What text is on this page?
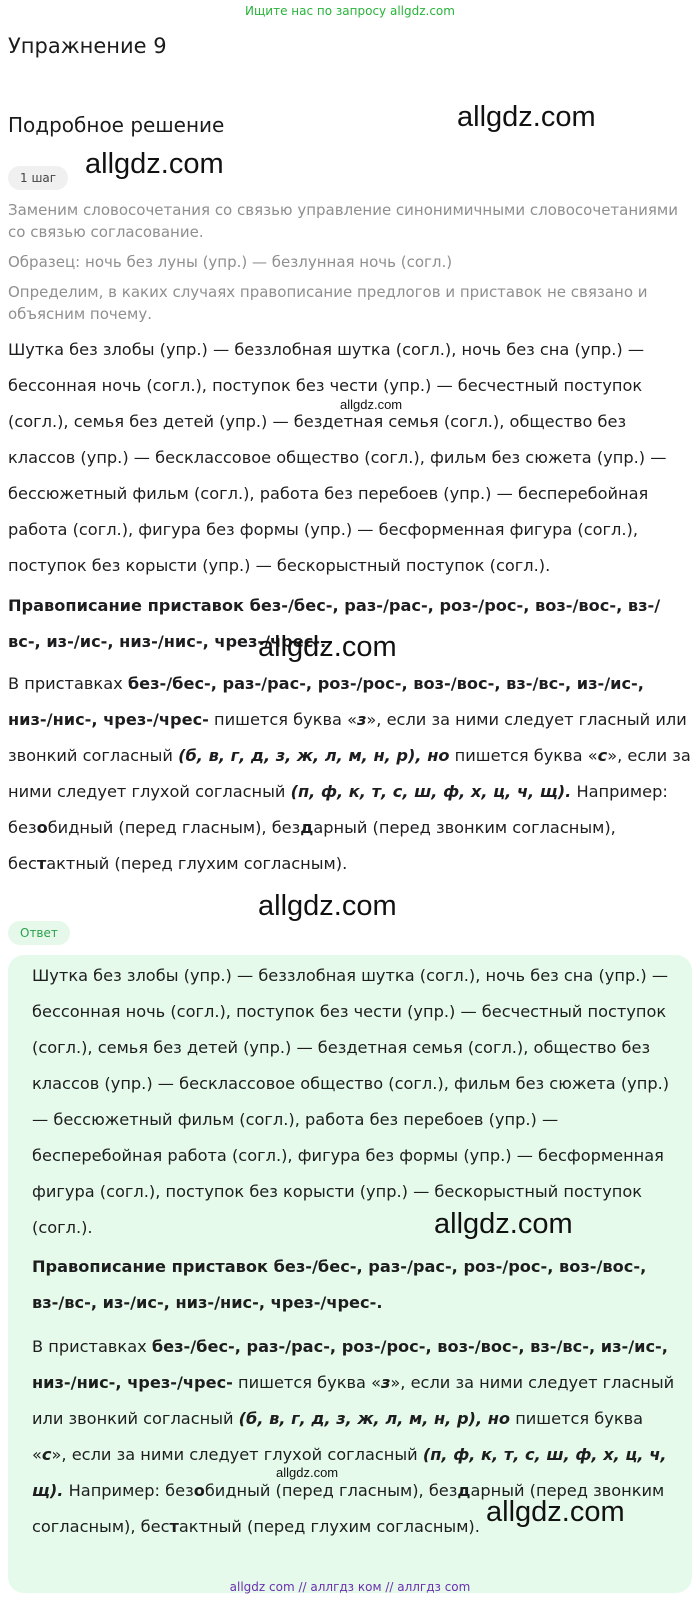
Ищите нас по запросу allgdz.com
Упражнение 9
Подробное решение	allgdz.com
1 шаг allgdz.com
Заменим словосочетания со связью управление синонимичными словосочетаниями со связью согласование.
Образец: ночь без луны (упр.) — безлунная ночь (согл.)
Определим, в каких случаях правописание предлогов и приставок не связано и объясним почему.
Шутка без злобы (упр.) — беззлобная шутка (согл.), ночь без сна (упр.) — бессонная ночь (согл.), поступок без чести (упр.) — бесчестный поступок (согл.), семья без детей (упр.) — бездетная семья (согл.), общество без классов (упр.) — бесклассовое общество (согл.), фильм без сюжета (упр.) — бессюжетный фильм (согл.), работа без перебоев (упр.) — бесперебойная работа (согл.), фигура без формы (упр.) — бесформенная фигура (согл.), поступок без корысти (упр.) — бескорыстный поступок (согл.).
allgdz.com
Правописание приставок без-/бес-, раз-/рас-, роз-/рос-, воз-/вос-, вз-/вс-, из-/ис-, низ-/нис-, чрез-/чрес-.
allgdz.com
В приставках без-/бес-, раз-/рас-, роз-/рос-, воз-/вос-, вз-/вс-, из-/ис-, низ-/нис-, чрез-/чрес- пишется буква «з», если за ними следует гласный или звонкий согласный (б, в, г, д, з, ж, л, м, н, р), но пишется буква «с», если за ними следует глухой согласный (п, ф, к, т, с, ш, ф, х, ц, ч, щ). Например: безобидный (перед гласным), бездарный (перед звонким согласным), бестактный (перед глухим согласным).
Ответ
allgdz.com
Шутка без злобы (упр.) — беззлобная шутка (согл.), ночь без сна (упр.) — бессонная ночь (согл.), поступок без чести (упр.) — бесчестный поступок (согл.), семья без детей (упр.) — бездетная семья (согл.), общество без классов (упр.) — бесклассовое общество (согл.), фильм без сюжета (упр.) — бессюжетный фильм (согл.), работа без перебоев (упр.) — бесперебойная работа (согл.), фигура без формы (упр.) — бесформенная фигура (согл.), поступок без корысти (упр.) — бескорыстный поступок (согл.).	allgdz.com
Правописание приставок без-/бес-, раз-/рас-, роз-/рос-, воз-/вос-, вз-/вс-, из-/ис-, низ-/нис-, чрез-/чрес-.
В приставках без-/бес-, раз-/рас-, роз-/рос-, воз-/вос-, вз-/вс-, из-/ис-, низ-/нис-, чрез-/чрес- пишется буква «з», если за ними следует гласный или звонкий согласный (б, в, г, д, з, ж, л, м, н, р), но пишется буква «с», если за ними следует глухой согласный (п, ф, к, т, с, ш, ф, х, ц, ч, щ). Например: безобидный (перед гласным), бездарный (перед звонким согласным), бестактный (перед глухим согласным).
allgdz.com
allgdz.com
allgdz com // аллгдз ком // аллгдз com
